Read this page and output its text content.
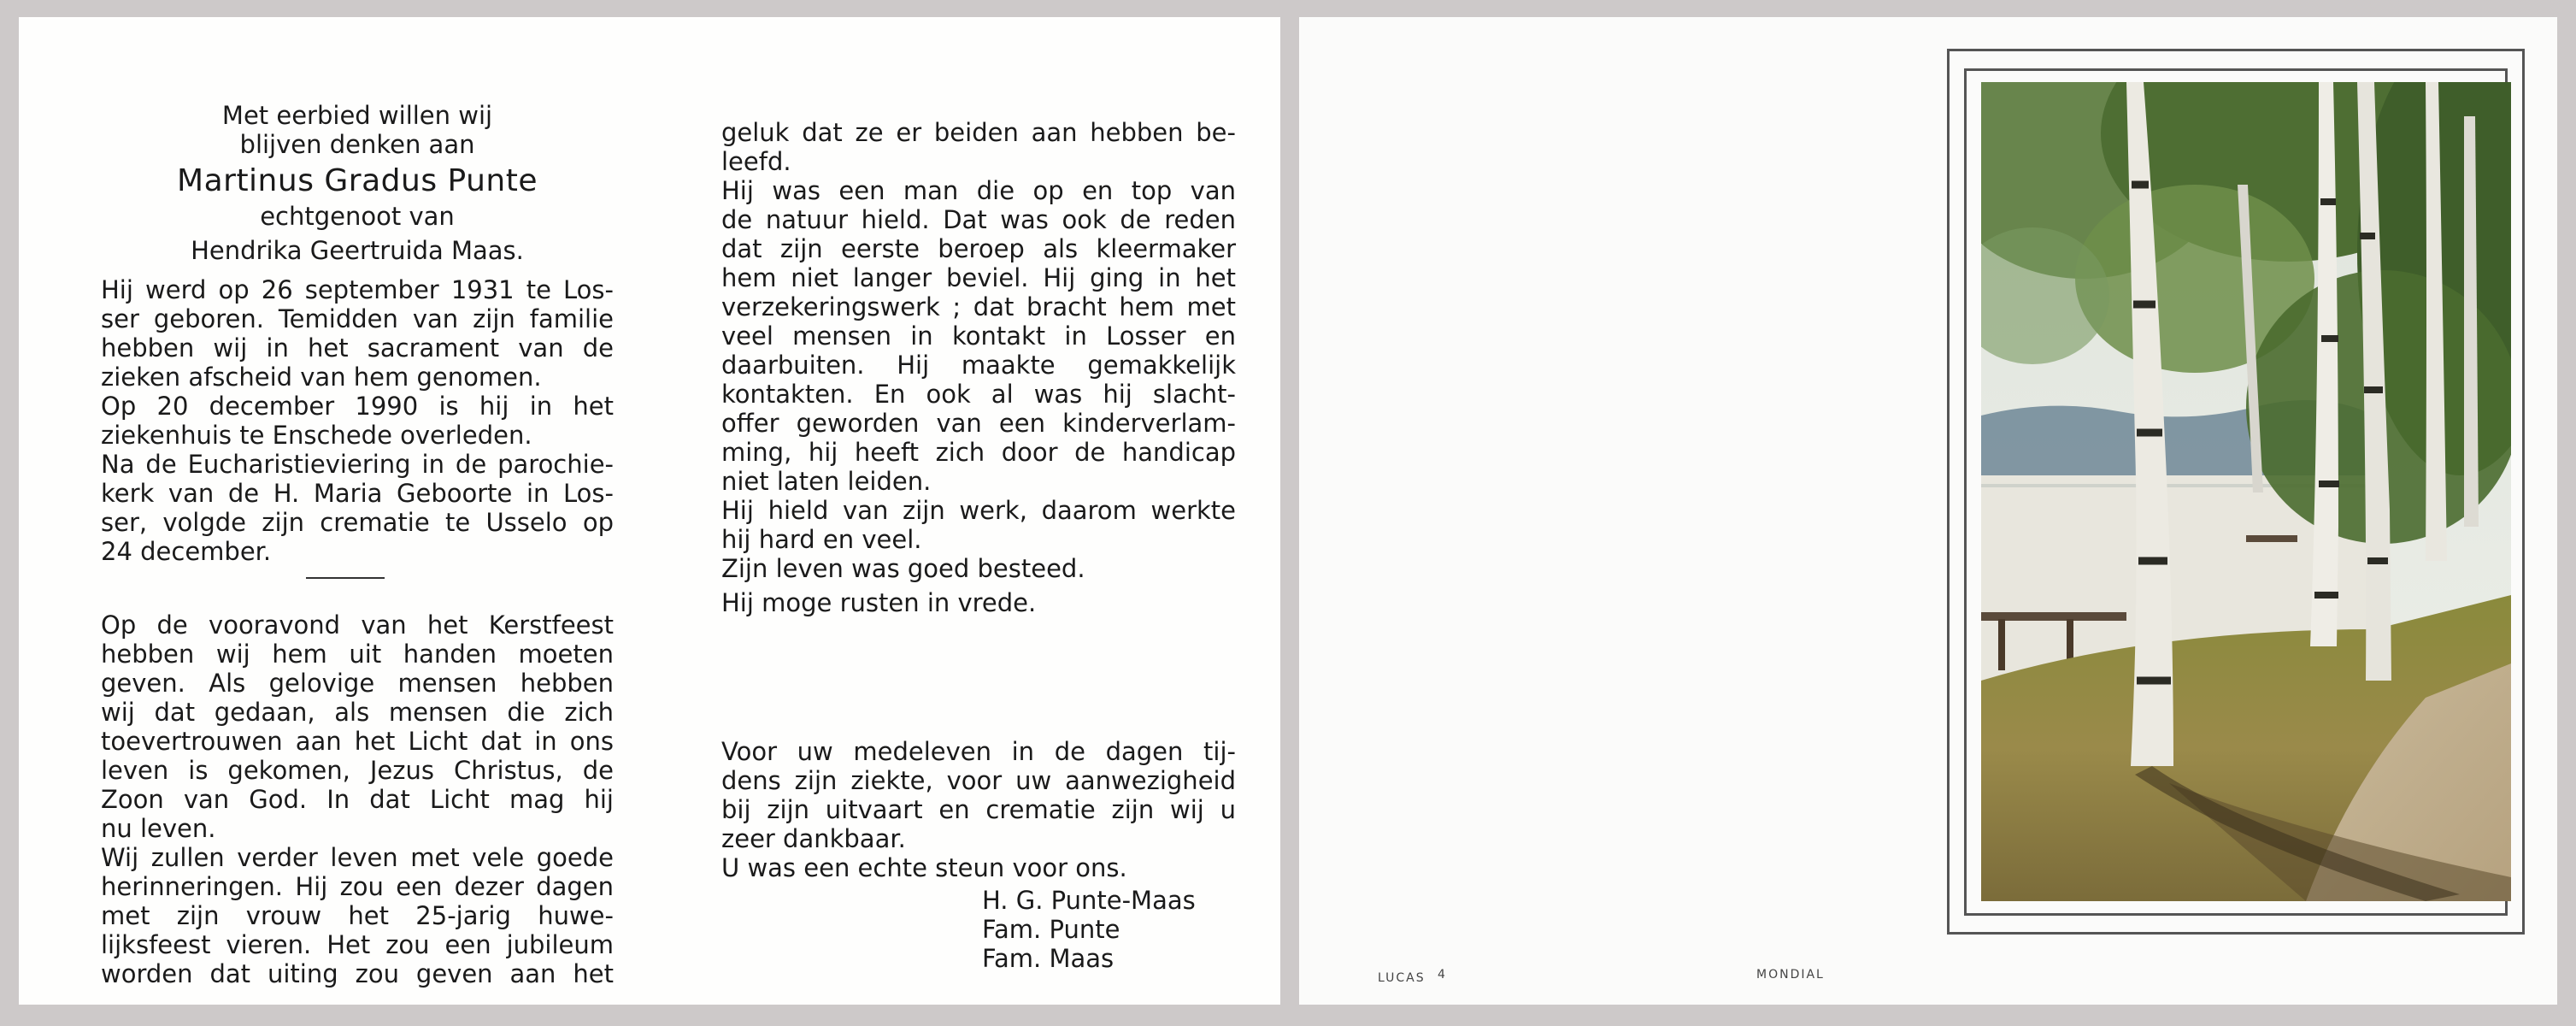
Met eerbied willen wij
blijven denken aan
Martinus Gradus Punte
echtgenoot van
Hendrika Geertruida Maas.
Hij werd op 26 september 1931 te Los-
ser geboren. Temidden van zijn familie
hebben wij in het sacrament van de
zieken afscheid van hem genomen.
Op 20 december 1990 is hij in het
ziekenhuis te Enschede overleden.
Na de Eucharistieviering in de parochie-
kerk van de H. Maria Geboorte in Los-
ser, volgde zijn crematie te Usselo op
24 december.
Op de vooravond van het Kerstfeest
hebben wij hem uit handen moeten
geven. Als gelovige mensen hebben
wij dat gedaan, als mensen die zich
toevertrouwen aan het Licht dat in ons
leven is gekomen, Jezus Christus, de
Zoon van God. In dat Licht mag hij
nu leven.
Wij zullen verder leven met vele goede
herinneringen. Hij zou een dezer dagen
met zijn vrouw het 25-jarig huwe-
lijksfeest vieren. Het zou een jubileum
worden dat uiting zou geven aan het
geluk dat ze er beiden aan hebben be-
leefd.
Hij was een man die op en top van
de natuur hield. Dat was ook de reden
dat zijn eerste beroep als kleermaker
hem niet langer beviel. Hij ging in het
verzekeringswerk ; dat bracht hem met
veel mensen in kontakt in Losser en
daarbuiten. Hij maakte gemakkelijk
kontakten. En ook al was hij slacht-
offer geworden van een kinderverlam-
ming, hij heeft zich door de handicap
niet laten leiden.
Hij hield van zijn werk, daarom werkte
hij hard en veel.
Zijn leven was goed besteed.
Hij moge rusten in vrede.
Voor uw medeleven in de dagen tij-
dens zijn ziekte, voor uw aanwezigheid
bij zijn uitvaart en crematie zijn wij u
zeer dankbaar.
U was een echte steun voor ons.
H. G. Punte-Maas
Fam. Punte
Fam. Maas
LUCAS 4	MONDIAL
